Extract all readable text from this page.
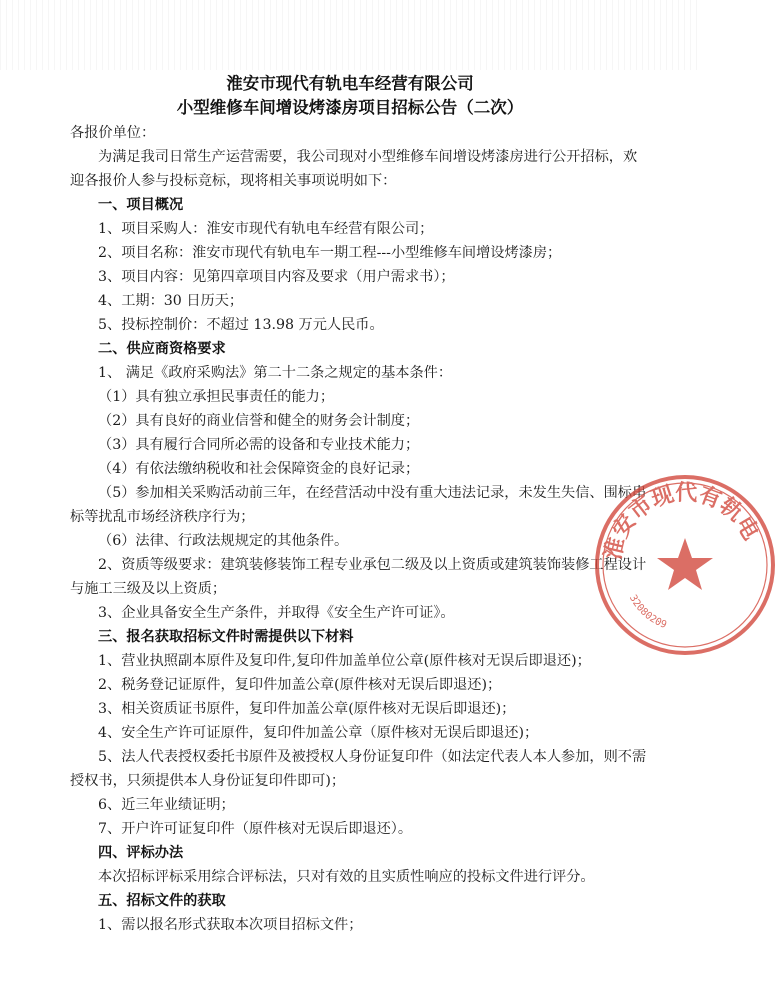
淮安市现代有轨电车经营有限公司
小型维修车间增设烤漆房项目招标公告（二次）
各报价单位：
为满足我司日常生产运营需要，我公司现对小型维修车间增设烤漆房进行公开招标，欢
迎各报价人参与投标竞标，现将相关事项说明如下：
一、项目概况
1、项目采购人：淮安市现代有轨电车经营有限公司；
2、项目名称：淮安市现代有轨电车一期工程---小型维修车间增设烤漆房；
3、项目内容：见第四章项目内容及要求（用户需求书）；
4、工期：30 日历天；
5、投标控制价：不超过 13.98 万元人民币。
二、供应商资格要求
1、 满足《政府采购法》第二十二条之规定的基本条件：
（1）具有独立承担民事责任的能力；
（2）具有良好的商业信誉和健全的财务会计制度；
（3）具有履行合同所必需的设备和专业技术能力；
（4）有依法缴纳税收和社会保障资金的良好记录；
（5）参加相关采购活动前三年，在经营活动中没有重大违法记录，未发生失信、围标串
标等扰乱市场经济秩序行为；
（6）法律、行政法规规定的其他条件。
2、资质等级要求：建筑装修装饰工程专业承包二级及以上资质或建筑装饰装修工程设计
与施工三级及以上资质；
3、企业具备安全生产条件，并取得《安全生产许可证》。
三、报名获取招标文件时需提供以下材料
1、营业执照副本原件及复印件,复印件加盖单位公章(原件核对无误后即退还)；
2、税务登记证原件，复印件加盖公章(原件核对无误后即退还)；
3、相关资质证书原件，复印件加盖公章(原件核对无误后即退还)；
4、安全生产许可证原件，复印件加盖公章（原件核对无误后即退还)；
5、法人代表授权委托书原件及被授权人身份证复印件（如法定代表人本人参加，则不需
授权书，只须提供本人身份证复印件即可)；
6、近三年业绩证明；
7、开户许可证复印件（原件核对无误后即退还）。
四、评标办法
本次招标评标采用综合评标法，只对有效的且实质性响应的投标文件进行评分。
五、招标文件的获取
1、需以报名形式获取本次项目招标文件；
淮安市现代有轨电
32080209
